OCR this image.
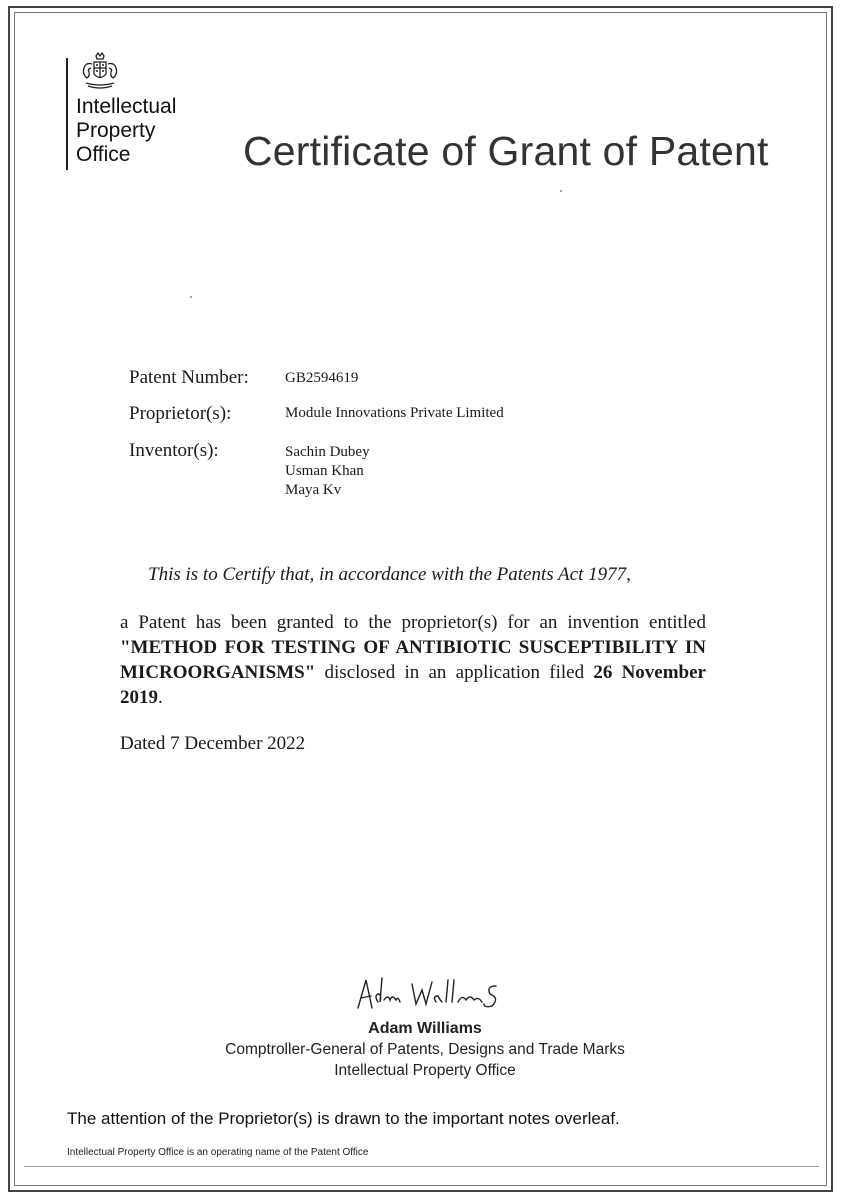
Intellectual
Property
Office	Certificate of Grant of Patent
Patent Number: GB2594619
Proprietor(s):	Module Innovations Private Limited
Inventor(s):	Sachin Dubey
Usman Khan
Maya Kv
This is to Certify that, in accordance with the Patents Act 1977,
a Patent has been granted to the proprietor(s) for an invention entitled "METHOD FOR TESTING OF ANTIBIOTIC SUSCEPTIBILITY IN MICROORGANISMS" disclosed in an application filed 26 November 2019.
Dated 7 December 2022
Adam Williams
Comptroller-General of Patents, Designs and Trade Marks
Intellectual Property Office
The attention of the Proprietor(s) is drawn to the important notes overleaf.
Intellectual Property Office is an operating name of the Patent Office
